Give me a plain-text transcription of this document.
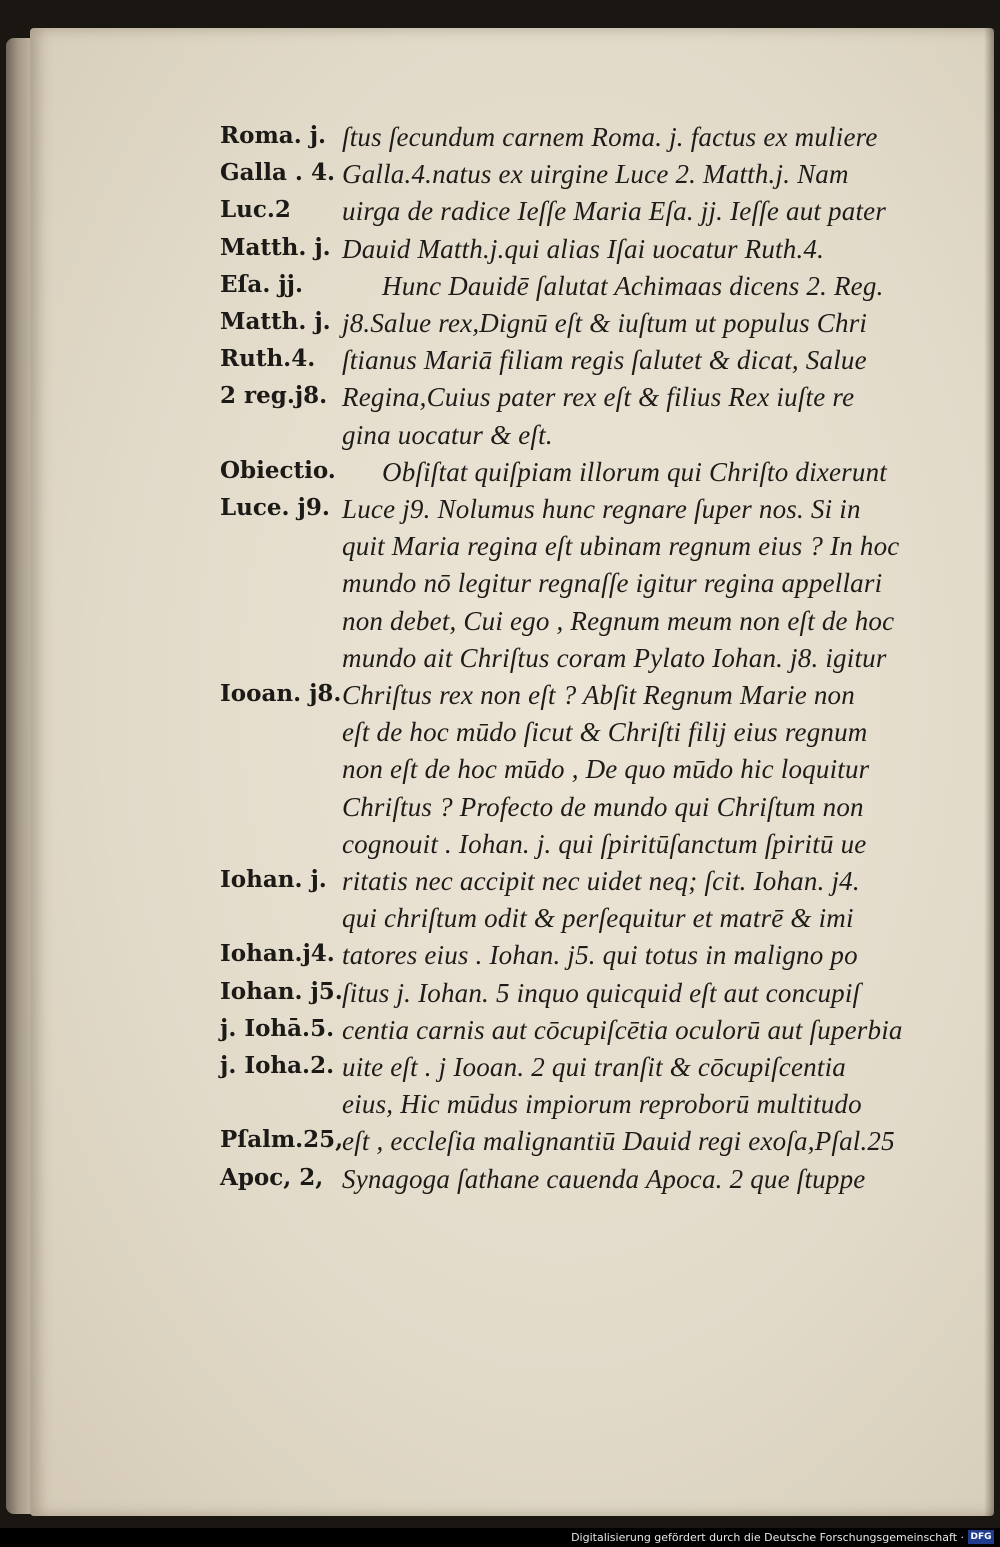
Roma. j. ſtus ſecundum carnem Roma. j. factus ex muliere
Galla . 4. Galla.4.natus ex uirgine Luce 2. Matth.j. Nam
Luc.2 uirga de radice Ieſſe Maria Eſa. jj. Ieſſe aut pater
Matth. j. Dauid Matth.j.qui alias Iſai uocatur Ruth.4.
Eſa. jj.	Hunc Dauidē ſalutat Achimaas dicens 2. Reg.
Matth. j. j8.Salue rex,Dignū eſt & iuſtum ut populus Chri
Ruth.4. ſtianus Mariā filiam regis ſalutet & dicat, Salue
2 reg.j8. Regina,Cuius pater rex eſt & filius Rex iuſte re
gina uocatur & eſt.
Obiectio. Obſiſtat quiſpiam illorum qui Chriſto dixerunt
Luce. j9. Luce j9. Nolumus hunc regnare ſuper nos. Si in
quit Maria regina eſt ubinam regnum eius ? In hoc
mundo nō legitur regnaſſe igitur regina appellari
non debet, Cui ego , Regnum meum non eſt de hoc
mundo ait Chriſtus coram Pylato Iohan. j8. igitur
Iooan. j8. Chriſtus rex non eſt ? Abſit Regnum Marie non
eſt de hoc mūdo ſicut & Chriſti filij eius regnum
non eſt de hoc mūdo , De quo mūdo hic loquitur
Chriſtus ? Profecto de mundo qui Chriſtum non
cognouit . Iohan. j. qui ſpiritūſanctum ſpiritū ue
Iohan. j. ritatis nec accipit nec uidet neq; ſcit. Iohan. j4.
qui chriſtum odit & perſequitur et matrē & imi
Iohan.j4. tatores eius . Iohan. j5. qui totus in maligno po
Iohan. j5. ſitus j. Iohan. 5 inquo quicquid eſt aut concupiſ
j. Iohā.5. centia carnis aut cōcupiſcētia oculorū aut ſuperbia
j. Ioha.2. uite eſt . j Iooan. 2 qui tranſit & cōcupiſcentia
eius, Hic mūdus impiorum reproborū multitudo
Pſalm.25,
eſt , eccleſia malignantiū Dauid regi exoſa,Pſal.25
Apoc, 2, Synagoga ſathane cauenda Apoca. 2 que ſtuppe
Digitalisierung gefördert durch die Deutsche Forschungsgemeinschaft · DFG
